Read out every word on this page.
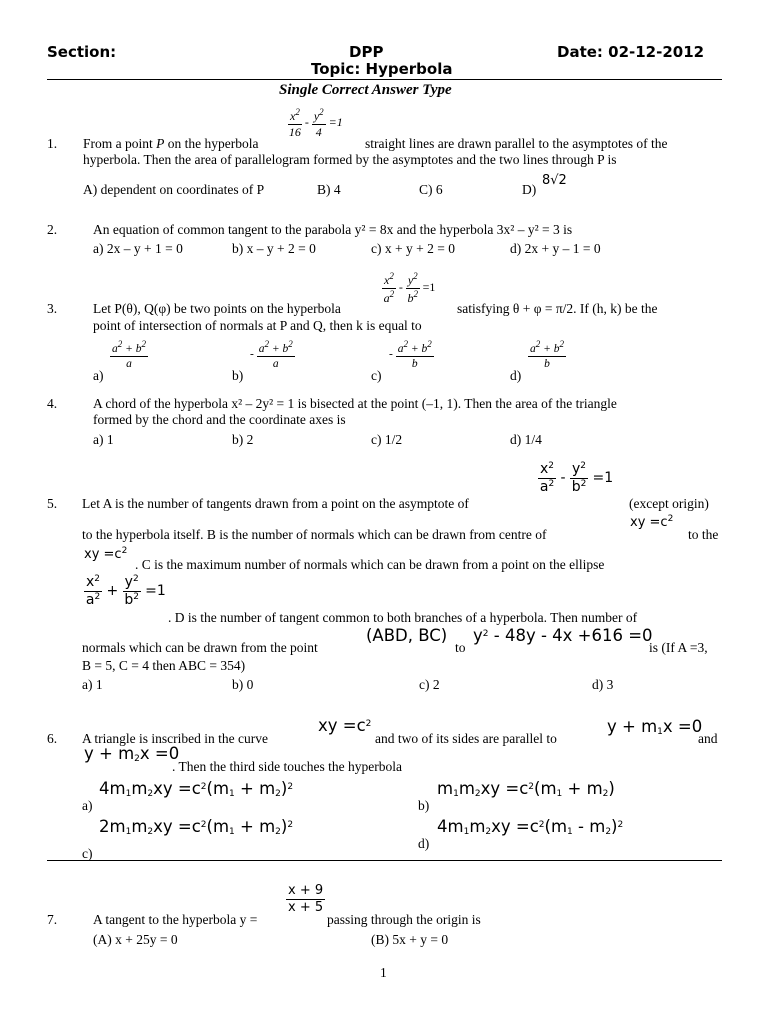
Section:	DPP	Date: 02-12-2012
Topic: Hyperbola
Single Correct Answer Type
1. From a point P on the hyperbola
$\frac{x^2}{16} - \frac{y^2}{4} =1$
straight lines are drawn parallel to the asymptotes of the
hyperbola. Then the area of parallelogram formed by the asymptotes and the two lines through P is
A) dependent on coordinates of P	B) 4	C) 6	D)
8√2
2.	An equation of common tangent to the parabola y² = 8x and the hyperbola 3x² – y² = 3 is
a) 2x – y + 1 = 0	b) x – y + 2 = 0	c) x + y + 2 = 0	d) 2x + y – 1 = 0
3.	Let P(θ), Q(φ) be two points on the hyperbola
$\frac{x^2}{a^2} - \frac{y^2}{b^2} =1$
satisfying θ + φ = π/2. If (h, k) be the
point of intersection of normals at P and Q, then k is equal to
$\frac{a^2 + b^2}{a}$
a)
- $\frac{a^2 + b^2}{a}$
b)
- $\frac{a^2 + b^2}{b}$
c)
$\frac{a^2 + b^2}{b}$
d)
4.	A chord of the hyperbola x² – 2y² = 1 is bisected at the point (–1, 1). Then the area of the triangle
formed by the chord and the coordinate axes is
a) 1	b) 2	c) 1/2	d) 1/4
$\frac{x^2}{a^2} - \frac{y^2}{b^2} =1$
5. Let A is the number of tangents drawn from a point on the asymptote of	(except origin)
xy $=c^2$
to the hyperbola itself. B is the number of normals which can be drawn from centre of	to the
xy $=c^2$
. C is the maximum number of normals which can be drawn from a point on the ellipse
$\frac{x^2}{a^2} + \frac{y^2}{b^2} =1$
. D is the number of tangent common to both branches of a hyperbola. Then number of
normals which can be drawn from the point
(ABD, BC)
to
$y^2 - 48y - 4x +616 =0$
is (If A =3,
B = 5, C = 4 then ABC = 354)
a) 1	b) 0	c) 2	d) 3
6. A triangle is inscribed in the curve
xy $=c^2$
and two of its sides are parallel to
$y + m_1x =0$
and
$y + m_2x =0$
. Then the third side touches the hyperbola
$4m_1m_2xy =c^2(m_1 + m_2)^2$
a)
$m_1m_2xy =c^2(m_1 + m_2)$
b)
$2m_1m_2xy =c^2(m_1 + m_2)^2$
c)
$4m_1m_2xy =c^2(m_1 - m_2)^2$
d)
7.	A tangent to the hyperbola y =
$\frac{x + 9}{x + 5}$
passing through the origin is
(A) x + 25y = 0	(B) 5x + y = 0
1
